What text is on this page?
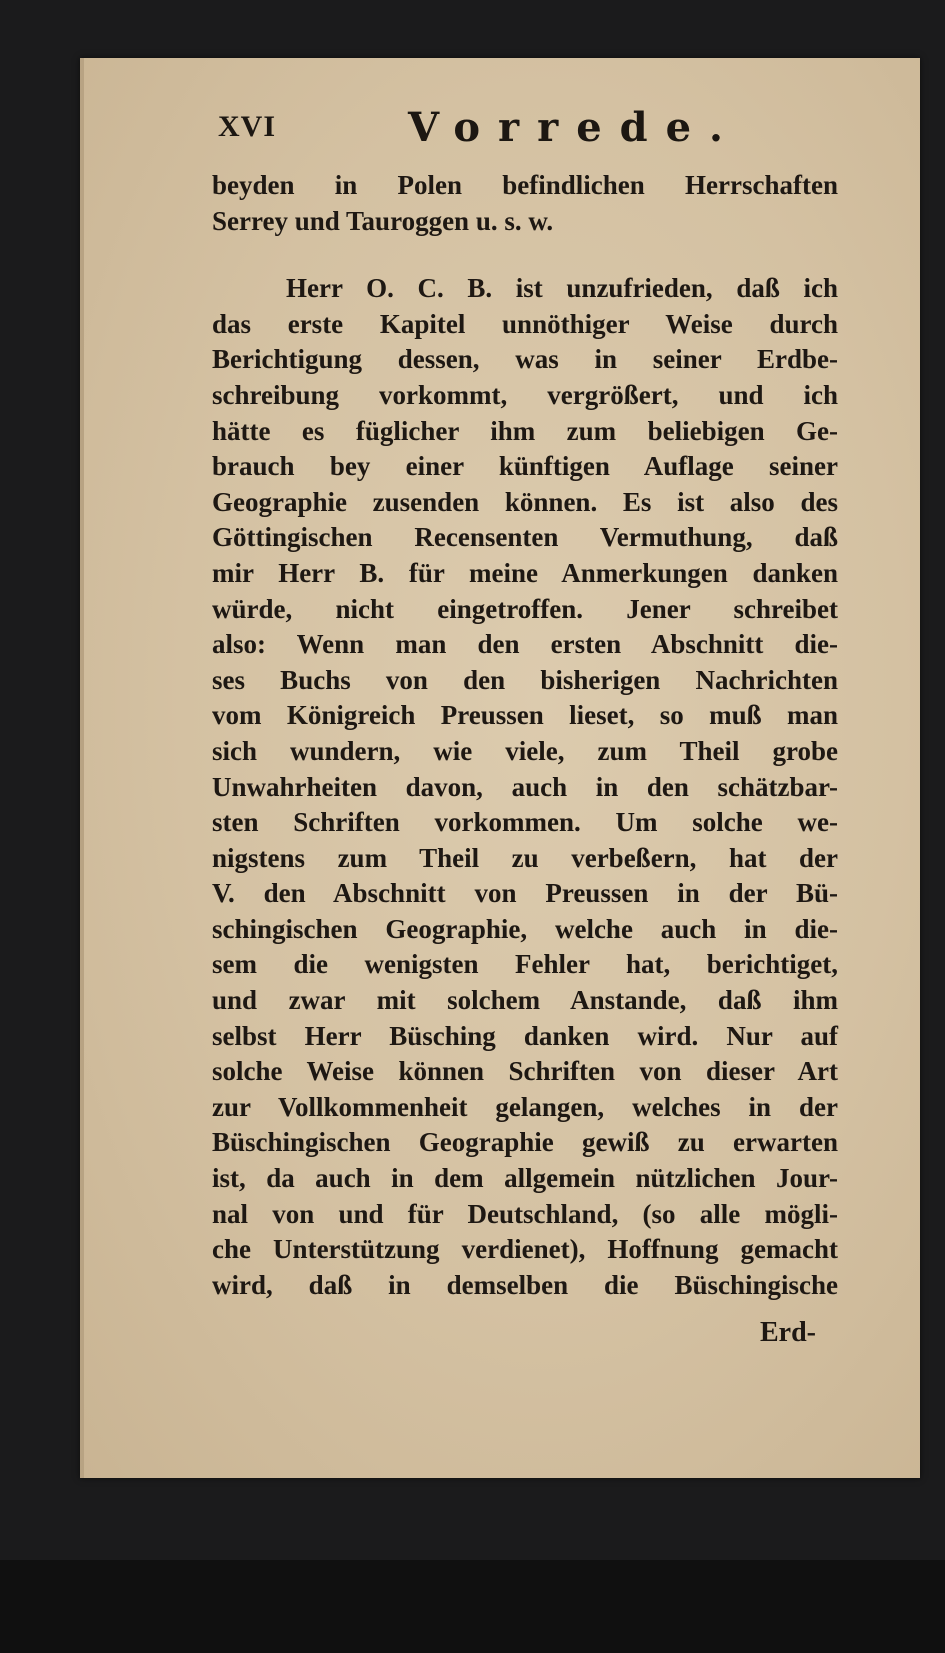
XVI	Vorrede.
beyden in Polen befindlichen Herrschaften
Serrey und Tauroggen u. s. w.
Herr O. C. B. ist unzufrieden, daß ich
das erste Kapitel unnöthiger Weise durch
Berichtigung dessen, was in seiner Erdbe-
schreibung vorkommt, vergrößert, und ich
hätte es füglicher ihm zum beliebigen Ge-
brauch bey einer künftigen Auflage seiner
Geographie zusenden können. Es ist also des
Göttingischen Recensenten Vermuthung, daß
mir Herr B. für meine Anmerkungen danken
würde, nicht eingetroffen. Jener schreibet
also: Wenn man den ersten Abschnitt die-
ses Buchs von den bisherigen Nachrichten
vom Königreich Preussen lieset, so muß man
sich wundern, wie viele, zum Theil grobe
Unwahrheiten davon, auch in den schätzbar-
sten Schriften vorkommen. Um solche we-
nigstens zum Theil zu verbeßern, hat der
V. den Abschnitt von Preussen in der Bü-
schingischen Geographie, welche auch in die-
sem die wenigsten Fehler hat, berichtiget,
und zwar mit solchem Anstande, daß ihm
selbst Herr Büsching danken wird. Nur auf
solche Weise können Schriften von dieser Art
zur Vollkommenheit gelangen, welches in der
Büschingischen Geographie gewiß zu erwarten
ist, da auch in dem allgemein nützlichen Jour-
nal von und für Deutschland, (so alle mögli-
che Unterstützung verdienet), Hoffnung gemacht
wird, daß in demselben die Büschingische
Erd-
